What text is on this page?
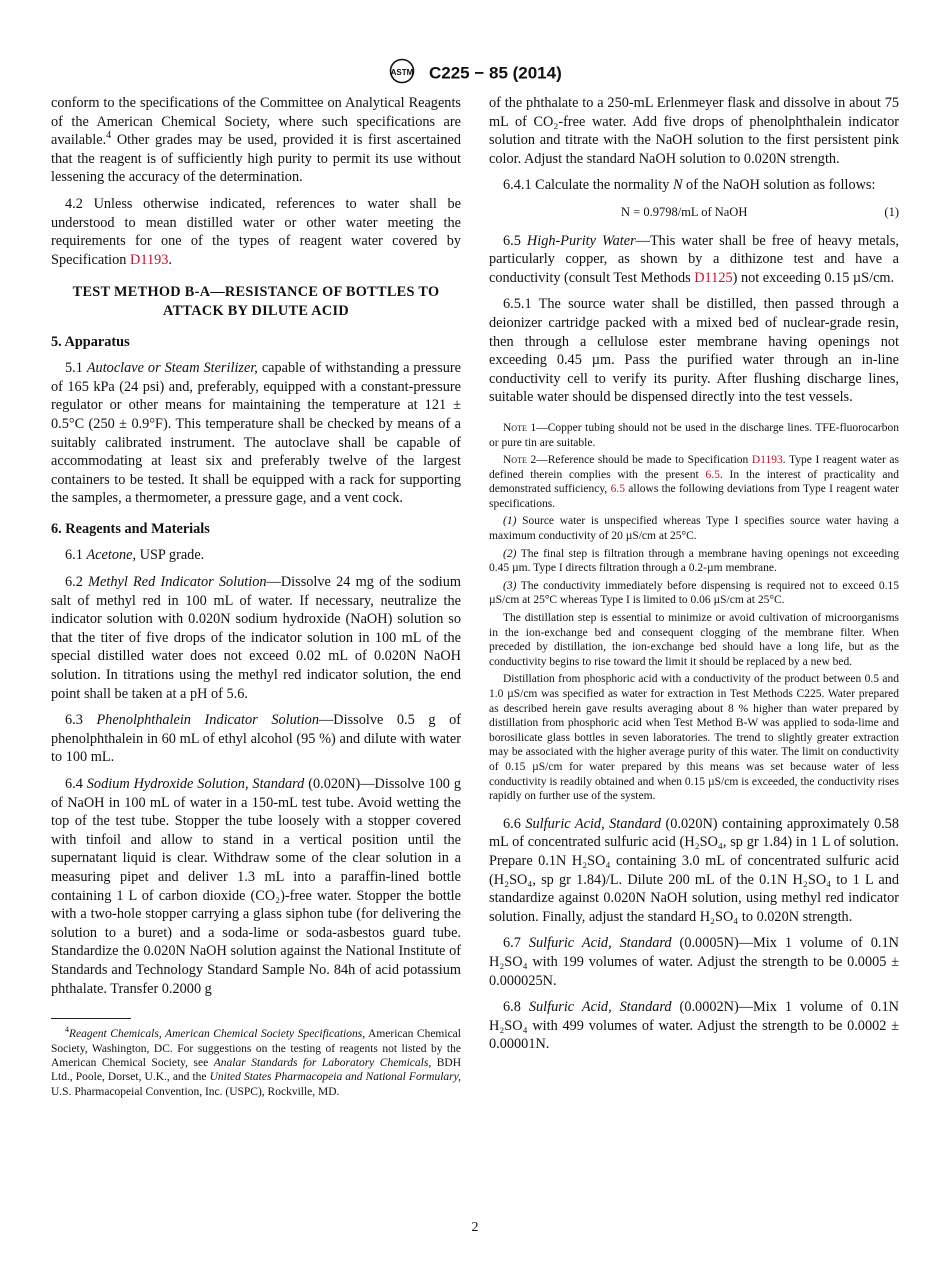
ASTM C225 − 85 (2014)

conform to the specifications of the Committee on Analytical Reagents of the American Chemical Society, where such specifications are available.$^4$ Other grades may be used, provided it is first ascertained that the reagent is of sufficiently high purity to permit its use without lessening the accuracy of the determination.

4.2 Unless otherwise indicated, references to water shall be understood to mean distilled water or other water meeting the requirements for one of the types of reagent water covered by Specification D1193.

TEST METHOD B-A—RESISTANCE OF BOTTLES TO ATTACK BY DILUTE ACID
5. Apparatus

5.1 Autoclave or Steam Sterilizer, capable of withstanding a pressure of 165 kPa (24 psi) and, preferably, equipped with a constant-pressure regulator or other means for maintaining the temperature at 121 ± 0.5°C (250 ± 0.9°F). This temperature shall be checked by means of a suitably calibrated instrument. The autoclave shall be capable of accommodating at least six and preferably twelve of the largest containers to be tested. It shall be equipped with a rack for supporting the samples, a thermometer, a pressure gage, and a vent cock.

6. Reagents and Materials

6.1 Acetone, USP grade.

6.2 Methyl Red Indicator Solution—Dissolve 24 mg of the sodium salt of methyl red in 100 mL of water. If necessary, neutralize the indicator solution with 0.020N sodium hydroxide (NaOH) solution so that the titer of five drops of the indicator solution in 100 mL of the special distilled water does not exceed 0.02 mL of 0.020N NaOH solution. In titrations using the methyl red indicator solution, the end point shall be taken at a pH of 5.6.

6.3 Phenolphthalein Indicator Solution—Dissolve 0.5 g of phenolphthalein in 60 mL of ethyl alcohol (95 %) and dilute with water to 100 mL.

6.4 Sodium Hydroxide Solution, Standard (0.020N)—Dissolve 100 g of NaOH in 100 mL of water in a 150-mL test tube. Avoid wetting the top of the test tube. Stopper the tube loosely with a stopper covered with tinfoil and allow to stand in a vertical position until the supernatant liquid is clear. Withdraw some of the clear solution in a measuring pipet and deliver 1.3 mL into a paraffin-lined bottle containing 1 L of carbon dioxide (CO₂)-free water. Stopper the bottle with a two-hole stopper carrying a glass siphon tube (for delivering the solution to a buret) and a soda-lime or soda-asbestos guard tube. Standardize the 0.020N NaOH solution against the National Institute of Standards and Technology Standard Sample No. 84h of acid potassium phthalate. Transfer 0.2000 g

$^4$Reagent Chemicals, American Chemical Society Specifications, American Chemical Society, Washington, DC. For suggestions on the testing of reagents not listed by the American Chemical Society, see Analar Standards for Laboratory Chemicals, BDH Ltd., Poole, Dorset, U.K., and the United States Pharmacopeia and National Formulary, U.S. Pharmacopeial Convention, Inc. (USPC), Rockville, MD.

of the phthalate to a 250-mL Erlenmeyer flask and dissolve in about 75 mL of CO₂-free water. Add five drops of phenolphthalein indicator solution and titrate with the NaOH solution to the first persistent pink color. Adjust the standard NaOH solution to 0.020N strength.

6.4.1 Calculate the normality N of the NaOH solution as follows:

N = 0.9798/mL of NaOH	(1)

6.5 High-Purity Water—This water shall be free of heavy metals, particularly copper, as shown by a dithizone test and have a conductivity (consult Test Methods D1125) not exceeding 0.15 µS/cm.

6.5.1 The source water shall be distilled, then passed through a deionizer cartridge packed with a mixed bed of nuclear-grade resin, then through a cellulose ester membrane having openings not exceeding 0.45 µm. Pass the purified water through an in-line conductivity cell to verify its purity. After flushing discharge lines, suitable water should be dispensed directly into the test vessels.

Note 1—Copper tubing should not be used in the discharge lines. TFE-fluorocarbon or pure tin are suitable.

Note 2—Reference should be made to Specification D1193. Type I reagent water as defined therein complies with the present 6.5. In the interest of practicality and demonstrated sufficiency, 6.5 allows the following deviations from Type I reagent water specifications.

(1) Source water is unspecified whereas Type I specifies source water having a maximum conductivity of 20 µS/cm at 25°C.

(2) The final step is filtration through a membrane having openings not exceeding 0.45 µm. Type I directs filtration through a 0.2-µm membrane.

(3) The conductivity immediately before dispensing is required not to exceed 0.15 µS/cm at 25°C whereas Type I is limited to 0.06 µS/cm at 25°C.

The distillation step is essential to minimize or avoid cultivation of microorganisms in the ion-exchange bed and consequent clogging of the membrane filter. When preceded by distillation, the ion-exchange bed should have a long life, but as the conductivity begins to rise toward the limit it should be replaced by a new bed.

Distillation from phosphoric acid with a conductivity of the product between 0.5 and 1.0 µS/cm was specified as water for extraction in Test Methods C225. Water prepared as described herein gave results averaging about 8 % higher than water prepared by distillation from phosphoric acid when Test Method B-W was applied to soda-lime and borosilicate glass bottles in seven laboratories. The trend to slightly greater extraction may be associated with the higher average purity of this water. The limit on conductivity of 0.15 µS/cm for water prepared by this means was set because water of less conductivity is readily obtained and when 0.15 µS/cm is exceeded, the conductivity rises rapidly on further use of the system.

6.6 Sulfuric Acid, Standard (0.020N) containing approximately 0.58 mL of concentrated sulfuric acid (H₂SO₄, sp gr 1.84) in 1 L of solution. Prepare 0.1N H₂SO₄ containing 3.0 mL of concentrated sulfuric acid (H₂SO₄, sp gr 1.84)/L. Dilute 200 mL of the 0.1N H₂SO₄ to 1 L and standardize against 0.020N NaOH solution, using methyl red indicator solution. Finally, adjust the standard H₂SO₄ to 0.020N strength.

6.7 Sulfuric Acid, Standard (0.0005N)—Mix 1 volume of 0.1N H₂SO₄ with 199 volumes of water. Adjust the strength to be 0.0005 ± 0.000025N.

6.8 Sulfuric Acid, Standard (0.0002N)—Mix 1 volume of 0.1N H₂SO₄ with 499 volumes of water. Adjust the strength to be 0.0002 ± 0.00001N.

2
